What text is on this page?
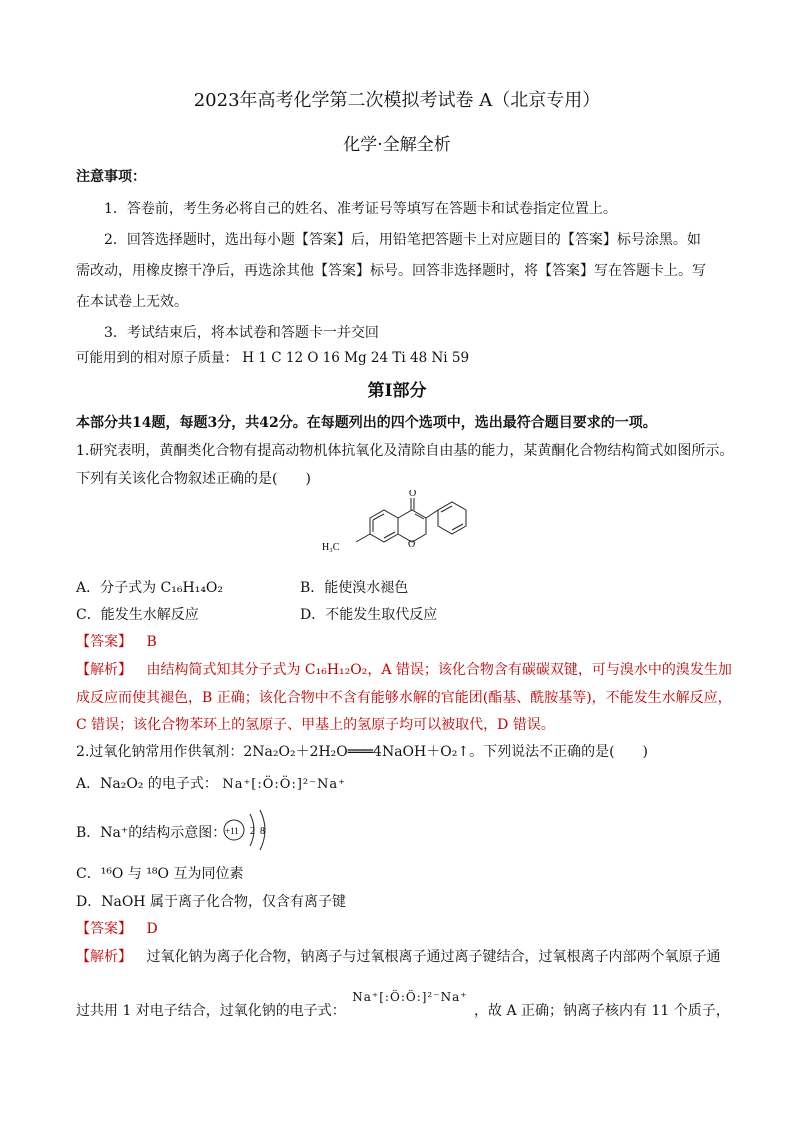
2023年高考化学第二次模拟考试卷 A（北京专用）
化学·全解全析
注意事项：
1．答卷前，考生务必将自己的姓名、准考证号等填写在答题卡和试卷指定位置上。
2．回答选择题时，选出每小题【答案】后，用铅笔把答题卡上对应题目的【答案】标号涂黑。如
需改动，用橡皮擦干净后，再选涂其他【答案】标号。回答非选择题时，将【答案】写在答题卡上。写
在本试卷上无效。
3．考试结束后，将本试卷和答题卡一并交回
可能用到的相对原子质量： H 1 C 12 O 16 Mg 24 Ti 48 Ni 59
第Ⅰ部分
本部分共14题，每题3分，共42分。在每题列出的四个选项中，选出最符合题目要求的一项。
1.研究表明，黄酮类化合物有提高动物机体抗氧化及清除自由基的能力，某黄酮化合物结构简式如图所示。
下列有关该化合物叙述正确的是(　　)
O
O
H₃C
A．分子式为 C₁₆H₁₄O₂	B．能使溴水褪色
C．能发生水解反应	D．不能发生取代反应
【答案】 B
【解析】 由结构简式知其分子式为 C₁₆H₁₂O₂，A 错误；该化合物含有碳碳双键，可与溴水中的溴发生加
成反应而使其褪色，B 正确；该化合物中不含有能够水解的官能团(酯基、酰胺基等)，不能发生水解反应，
C 错误；该化合物苯环上的氢原子、甲基上的氢原子均可以被取代，D 错误。
2.过氧化钠常用作供氧剂：2Na₂O₂＋2H₂O═══4NaOH＋O₂↑。下列说法不正确的是(　　)
A．Na₂O₂ 的电子式： Na⁺[:Ö:Ö:]²⁻Na⁺
B．Na⁺的结构示意图：
+11 2 8
C．¹⁶O 与 ¹⁸O 互为同位素
D．NaOH 属于离子化合物，仅含有离子键
【答案】 D
【解析】 过氧化钠为离子化合物，钠离子与过氧根离子通过离子键结合，过氧根离子内部两个氧原子通
过共用 1 对电子结合，过氧化钠的电子式： Na⁺[:Ö:Ö:]²⁻Na⁺ ，故 A 正确；钠离子核内有 11 个质子，
